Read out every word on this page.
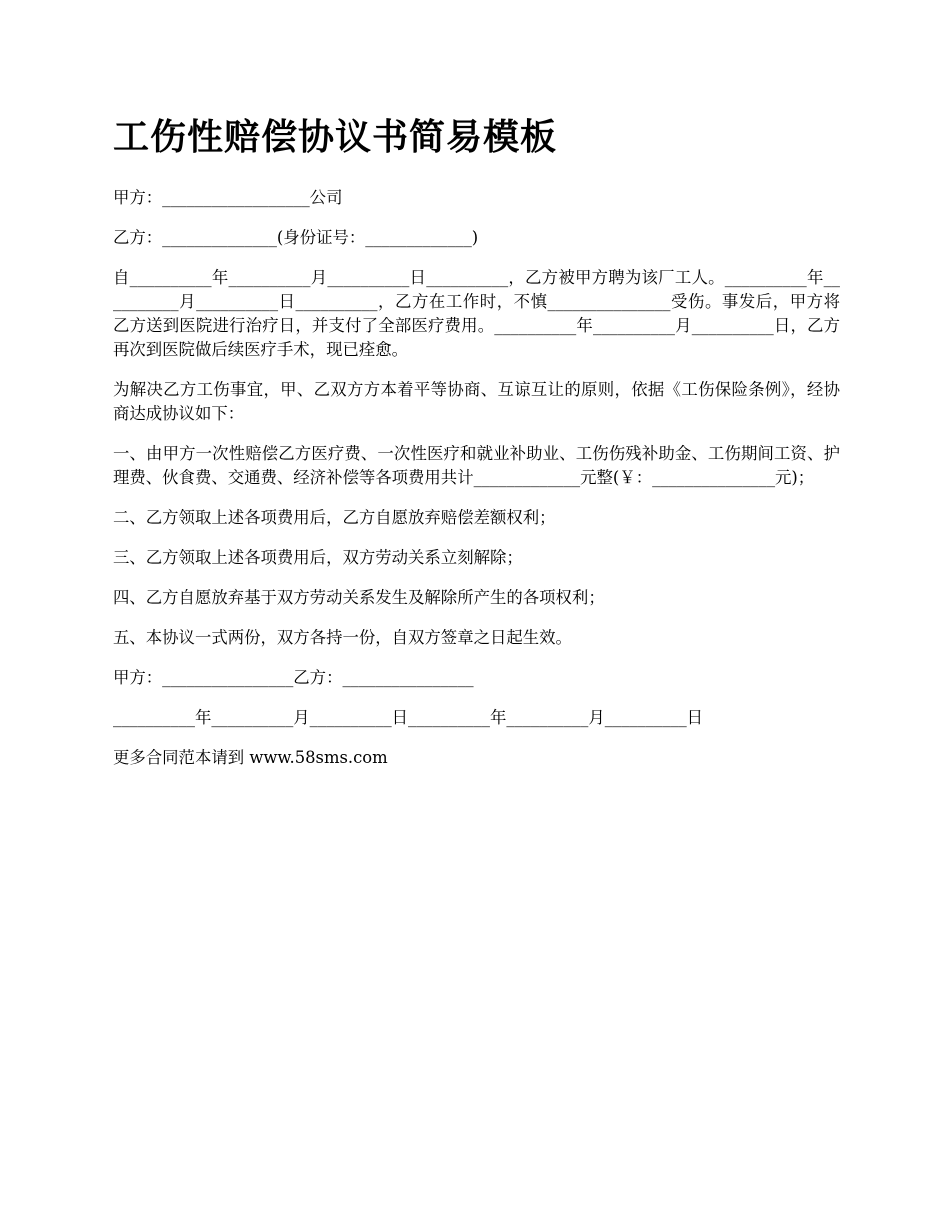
工伤性赔偿协议书简易模板

甲方：__________________公司

乙方：______________(身份证号：_____________)

自__________年__________月__________日__________，乙方被甲方聘为该厂工人。__________年__________月__________日__________，乙方在工作时，不慎_______________受伤。事发后，甲方将乙方送到医院进行治疗日，并支付了全部医疗费用。__________年__________月__________日，乙方再次到医院做后续医疗手术，现已痊愈。

为解决乙方工伤事宜，甲、乙双方方本着平等协商、互谅互让的原则，依据《工伤保险条例》，经协商达成协议如下：

一、由甲方一次性赔偿乙方医疗费、一次性医疗和就业补助业、工伤伤残补助金、工伤期间工资、护理费、伙食费、交通费、经济补偿等各项费用共计_____________元整(￥：_______________元)；

二、乙方领取上述各项费用后，乙方自愿放弃赔偿差额权利；

三、乙方领取上述各项费用后，双方劳动关系立刻解除；

四、乙方自愿放弃基于双方劳动关系发生及解除所产生的各项权利；

五、本协议一式两份，双方各持一份，自双方签章之日起生效。

甲方：________________乙方：________________

__________年__________月__________日__________年__________月__________日

更多合同范本请到 www.58sms.com
